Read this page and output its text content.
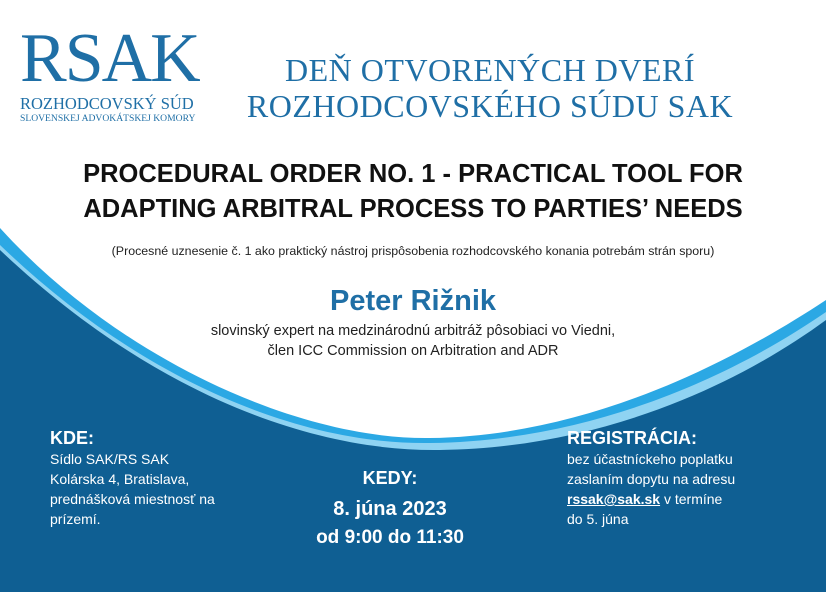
RSAK
ROZHODCOVSKÝ SÚD
SLOVENSKEJ ADVOKÁTSKEJ KOMORY
DEŇ OTVORENÝCH DVERÍ
ROZHODCOVSKÉHO SÚDU SAK
PROCEDURAL ORDER NO. 1 - PRACTICAL TOOL FOR
ADAPTING ARBITRAL PROCESS TO PARTIES’ NEEDS
(Procesné uznesenie č. 1 ako praktický nástroj prispôsobenia rozhodcovského konania potrebám strán sporu)
Peter Rižnik
slovinský expert na medzinárodnú arbitráž pôsobiaci vo Viedni,
člen ICC Commission on Arbitration and ADR
KDE:
Sídlo SAK/RS SAK
Kolárska 4, Bratislava,
prednášková miestnosť na
prízemí.
KEDY:
8. júna 2023
od 9:00 do 11:30
REGISTRÁCIA:
bez účastníckeho poplatku
zaslaním dopytu na adresu
rssak@sak.sk v termíne
do 5. júna
